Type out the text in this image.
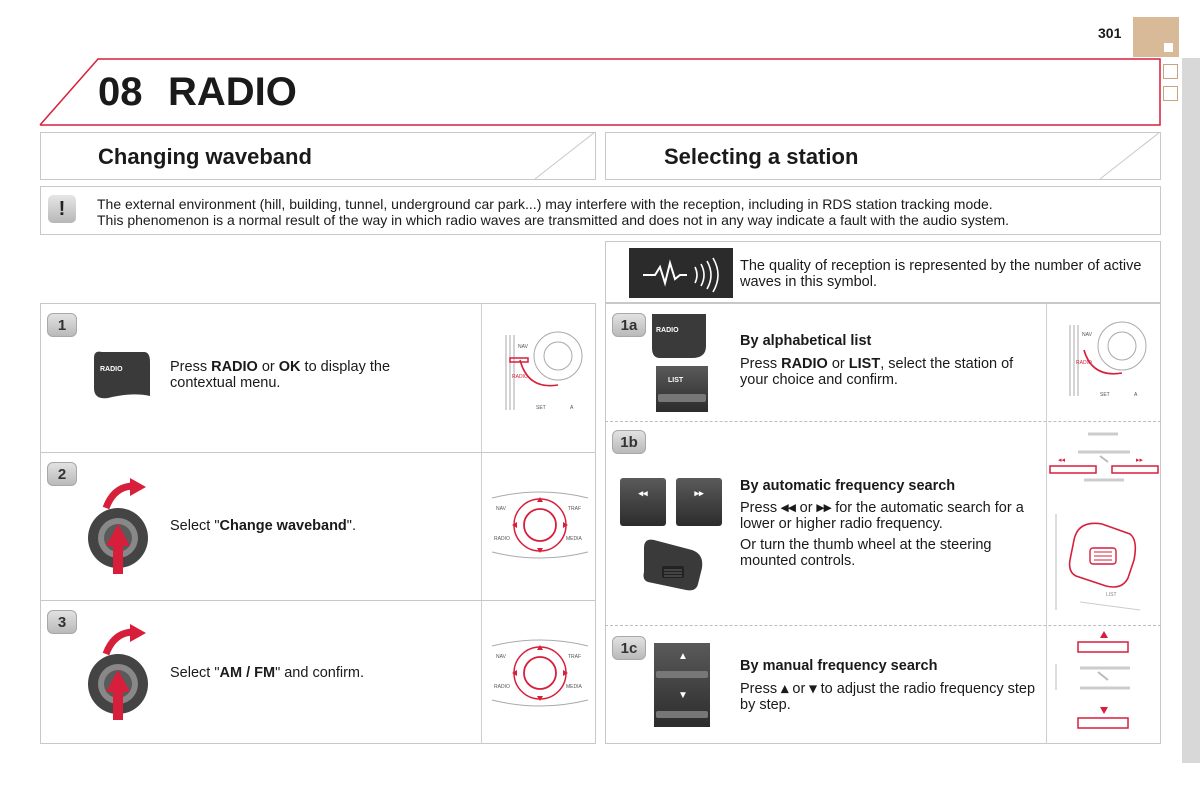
301
08 RADIO
Changing waveband	Selecting a station
!	The external environment (hill, building, tunnel, underground car park...) may interfere with the reception, including in RDS station tracking mode.
This phenomenon is a normal result of the way in which radio waves are transmitted and does not in any way indicate a fault with the audio system.
The quality of reception is represented by the number of active waves in this symbol.
1
RADIO	Press RADIO or OK to display the contextual menu.
NAV
RADIO
SET	A
2
Select "Change waveband".
NAV	TRAF
RADIO	MEDIA
3
Select "AM / FM" and confirm.
NAV	TRAF
RADIO	MEDIA
1a	RADIO
LIST
By alphabetical list
Press RADIO or LIST, select the station of your choice and confirm.
NAV
RADIO
SET	A
1b
◂◂	▸▸	By automatic frequency search
Press ◂◂ or ▸▸ for the automatic search for a lower or higher radio frequency.
Or turn the thumb wheel at the steering mounted controls.
◂◂	▸▸
LIST
1c	▲
▼
By manual frequency search
Press ▴ or ▾ to adjust the radio frequency step by step.
